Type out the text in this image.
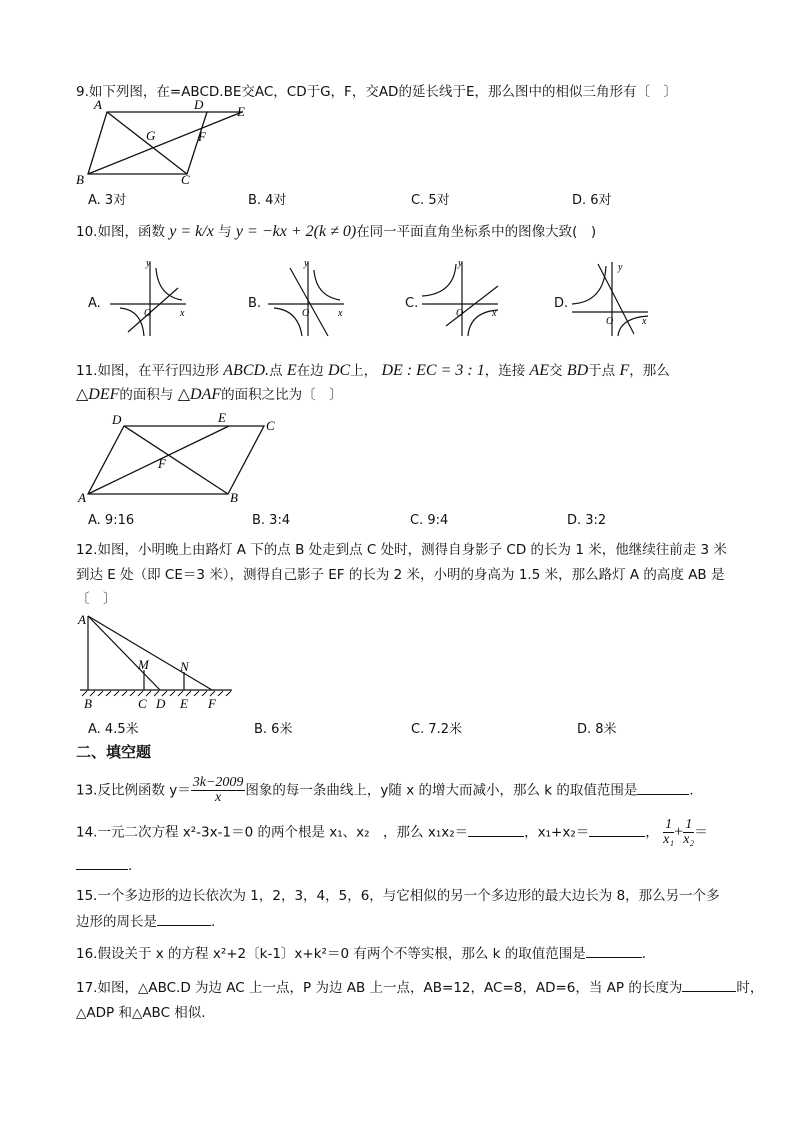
9.如下列图，在=ABCD.BE交AC，CD于G，F，交AD的延长线于E，那么图中的相似三角形有〔　〕
A	D	E
F
G
B	C
A. 3对	B. 4对	C. 5对	D. 6对
10.如图，函数 y = k/x 与 y = −kx + 2(k ≠ 0)在同一平面直角坐标系中的图像大致(　)
A.
y
x
O
B.
y
x
O
C.
y
x
O
D.
y
x
O
11.如图，在平行四边形 ABCD.点 E在边 DC上， DE : EC = 3 : 1，连接 AE交 BD于点 F，那么
△DEF的面积与 △DAF的面积之比为〔　〕
D	E
C
F
A	B
A. 9:16	B. 3:4	C. 9:4	D. 3:2
12.如图，小明晚上由路灯 A 下的点 B 处走到点 C 处时，测得自身影子 CD 的长为 1 米，他继续往前走 3 米
到达 E 处（即 CE＝3 米），测得自己影子 EF 的长为 2 米，小明的身高为 1.5 米，那么路灯 A 的高度 AB 是
〔　〕
A
B
M N
C D E F
A. 4.5米	B. 6米	C. 7.2米	D. 8米
二、填空题
13.反比例函数 $y= \frac{3k-2009}{x}$ 图象的每一条曲线上，y随 x 的增大而减小，那么 k 的取值范围是	.
14.一元二次方程 x²-3x-1＝0 的两个根是 x₁、x₂　，那么 x₁x₂＝	，x₁+x₂＝	， $\frac{1}{\text{x₁}} + \frac{1}{\text{x₂}}$ ＝
.
15.一个多边形的边长依次为 1，2，3，4，5，6，与它相似的另一个多边形的最大边长为 8，那么另一个多
边形的周长是	.
16.假设关于 x 的方程 x²+2〔k-1〕x+k²＝0 有两个不等实根，那么 k 的取值范围是	.
17.如图，△ABC.D 为边 AC 上一点，P 为边 AB 上一点，AB=12，AC=8，AD=6，当 AP 的长度为	时，
△ADP 和△ABC 相似.
